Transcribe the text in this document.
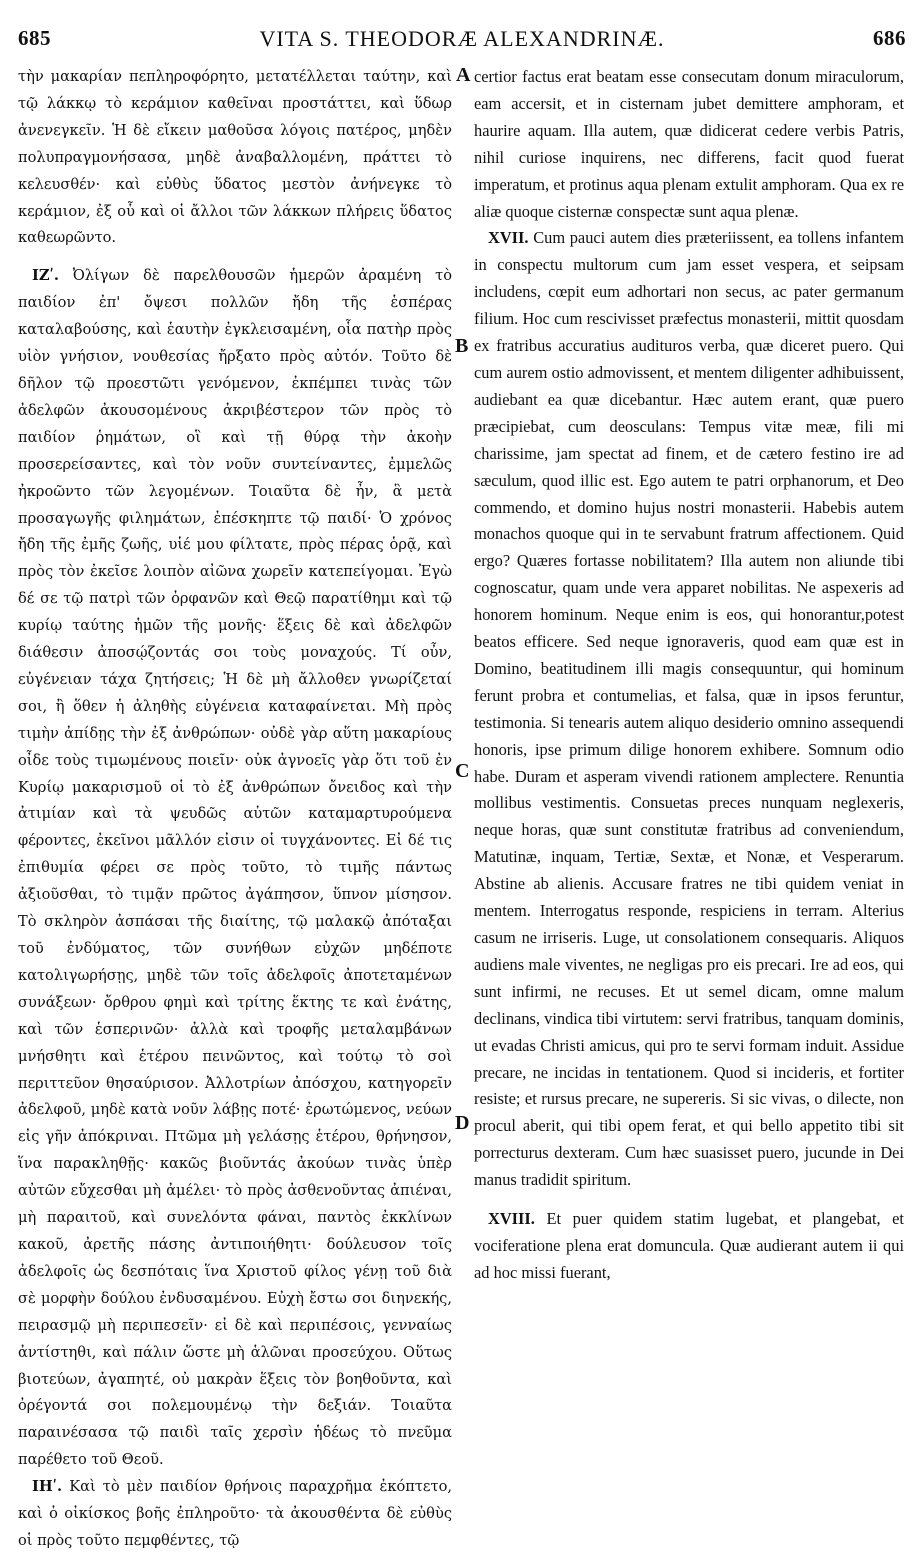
685	VITA S. THEODORÆ ALEXANDRINÆ.	686

τὴν μακαρίαν πεπληροφόρητο, μετατέλλεται ταύτην, καὶ τῷ λάκκῳ τὸ κεράμιον καθεῖναι προστάττει, καὶ ὕδωρ ἀνενεγκεῖν. Ἡ δὲ εἴκειν μαθοῦσα λόγοις πατέρος, μηδὲν πολυπραγμονήσασα, μηδὲ ἀναβαλλομένη, πράττει τὸ κελευσθέν· καὶ εὐθὺς ὕδατος μεστὸν ἀνήνεγκε τὸ κεράμιον, ἐξ οὗ καὶ οἱ ἄλλοι τῶν λάκκων πλήρεις ὕδατος καθεωρῶντο.

ΙΖʹ. Ὀλίγων δὲ παρελθουσῶν ἡμερῶν ἀραμένη τὸ παιδίον ἐπ' ὄψεσι πολλῶν ἤδη τῆς ἑσπέρας καταλαβούσης, καὶ ἑαυτὴν ἐγκλεισαμένη, οἷα πατὴρ πρὸς υἱὸν γνήσιον, νουθεσίας ἤρξατο πρὸς αὐτόν. Τοῦτο δὲ δῆλον τῷ προεστῶτι γενόμενον, ἐκπέμπει τινὰς τῶν ἀδελφῶν ἀκουσομένους ἀκριβέστερον τῶν πρὸς τὸ παιδίον ῥημάτων, οἳ καὶ τῇ θύρᾳ τὴν ἀκοὴν προσερείσαντες, καὶ τὸν νοῦν συντείναντες, ἐμμελῶς ἠκροῶντο τῶν λεγομένων. Τοιαῦτα δὲ ἦν, ἃ μετὰ προσαγωγῆς φιλημάτων, ἐπέσκηπτε τῷ παιδί· Ὁ χρόνος ἤδη τῆς ἐμῆς ζωῆς, υἱέ μου φίλτατε, πρὸς πέρας ὁρᾷ, καὶ πρὸς τὸν ἐκεῖσε λοιπὸν αἰῶνα χωρεῖν κατεπείγομαι. Ἐγὼ δέ σε τῷ πατρὶ τῶν ὀρφανῶν καὶ Θεῷ παρατίθημι καὶ τῷ κυρίῳ ταύτης ἡμῶν τῆς μονῆς· ἕξεις δὲ καὶ ἀδελφῶν διάθεσιν ἀποσῴζοντάς σοι τοὺς μοναχούς. Τί οὖν, εὐγένειαν τάχα ζητήσεις; Ἡ δὲ μὴ ἄλλοθεν γνωρίζεταί σοι, ἢ ὅθεν ἡ ἀληθὴς εὐγένεια καταφαίνεται. Μὴ πρὸς τιμὴν ἀπίδῃς τὴν ἐξ ἀνθρώπων· οὐδὲ γὰρ αὕτη μακαρίους οἶδε τοὺς τιμωμένους ποιεῖν· οὐκ ἀγνοεῖς γὰρ ὅτι τοῦ ἐν Κυρίῳ μακαρισμοῦ οἱ τὸ ἐξ ἀνθρώπων ὄνειδος καὶ τὴν ἀτιμίαν καὶ τὰ ψευδῶς αὐτῶν καταμαρτυρούμενα φέροντες, ἐκεῖνοι μᾶλλόν εἰσιν οἱ τυγχάνοντες. Εἰ δέ τις ἐπιθυμία φέρει σε πρὸς τοῦτο, τὸ τιμῆς πάντως ἀξιοῦσθαι, τὸ τιμᾷν πρῶτος ἀγάπησον, ὕπνον μίσησον. Τὸ σκληρὸν ἀσπάσαι τῆς διαίτης, τῷ μαλακῷ ἀπόταξαι τοῦ ἐνδύματος, τῶν συνήθων εὐχῶν μηδέποτε κατολιγωρήσῃς, μηδὲ τῶν τοῖς ἀδελφοῖς ἀποτεταμένων συνάξεων· ὄρθρου φημὶ καὶ τρίτης ἕκτης τε καὶ ἐνάτης, καὶ τῶν ἑσπερινῶν· ἀλλὰ καὶ τροφῆς μεταλαμβάνων μνήσθητι καὶ ἑτέρου πεινῶντος, καὶ τούτῳ τὸ σοὶ περιττεῦον θησαύρισον. Ἀλλοτρίων ἀπόσχου, κατηγορεῖν ἀδελφοῦ, μηδὲ κατὰ νοῦν λάβῃς ποτέ· ἐρωτώμενος, νεύων εἰς γῆν ἀπόκριναι. Πτῶμα μὴ γελάσῃς ἑτέρου, θρήνησον, ἵνα παρακληθῇς· κακῶς βιοῦντάς ἀκούων τινὰς ὑπὲρ αὐτῶν εὔχεσθαι μὴ ἀμέλει· τὸ πρὸς ἀσθενοῦντας ἀπιέναι, μὴ παραιτοῦ, καὶ συνελόντα φάναι, παντὸς ἐκκλίνων κακοῦ, ἀρετῆς πάσης ἀντιποιήθητι· δούλευσον τοῖς ἀδελφοῖς ὡς δεσπόταις ἵνα Χριστοῦ φίλος γένῃ τοῦ διὰ σὲ μορφὴν δούλου ἐνδυσαμένου. Εὐχὴ ἔστω σοι διηνεκής, πειρασμῷ μὴ περιπεσεῖν· εἰ δὲ καὶ περιπέσοις, γενναίως ἀντίστηθι, καὶ πάλιν ὥστε μὴ ἁλῶναι προσεύχου. Οὕτως βιοτεύων, ἀγαπητέ, οὐ μακρὰν ἕξεις τὸν βοηθοῦντα, καὶ ὀρέγοντά σοι πολεμουμένῳ τὴν δεξιάν. Τοιαῦτα παραινέσασα τῷ παιδὶ ταῖς χερσὶν ἡδέως τὸ πνεῦμα παρέθετο τοῦ Θεοῦ.

ΙΗʹ. Καὶ τὸ μὲν παιδίον θρήνοις παραχρῆμα ἐκόπτετο, καὶ ὁ οἰκίσκος βοῆς ἐπληροῦτο· τὰ ἀκουσθέντα δὲ εὐθὺς οἱ πρὸς τοῦτο πεμφθέντες, τῷ

certior factus erat beatam esse consecutam donum miraculorum, eam accersit, et in cisternam jubet demittere amphoram, et haurire aquam. Illa autem, quæ didicerat cedere verbis Patris, nihil curiose inquirens, nec differens, facit quod fuerat imperatum, et protinus aqua plenam extulit amphoram. Qua ex re aliæ quoque cisternæ conspectæ sunt aqua plenæ.

XVII. Cum pauci autem dies præteriissent, ea tollens infantem in conspectu multorum cum jam esset vespera, et seipsam includens, cœpit eum adhortari non secus, ac pater germanum filium. Hoc cum rescivisset præfectus monasterii, mittit quosdam ex fratribus accuratius audituros verba, quæ diceret puero. Qui cum aurem ostio admovissent, et mentem diligenter adhibuissent, audiebant ea quæ dicebantur. Hæc autem erant, quæ puero præcipiebat, cum deosculans: Tempus vitæ meæ, fili mi charissime, jam spectat ad finem, et de cætero festino ire ad sæculum, quod illic est. Ego autem te patri orphanorum, et Deo commendo, et domino hujus nostri monasterii. Habebis autem monachos quoque qui in te servabunt fratrum affectionem. Quid ergo? Quæres fortasse nobilitatem? Illa autem non aliunde tibi cognoscatur, quam unde vera apparet nobilitas. Ne aspexeris ad honorem hominum. Neque enim is eos, qui honorantur,potest beatos efficere. Sed neque ignoraveris, quod eam quæ est in Domino, beatitudinem illi magis consequuntur, qui hominum ferunt probra et contumelias, et falsa, quæ in ipsos feruntur, testimonia. Si tenearis autem aliquo desiderio omnino assequendi honoris, ipse primum dilige honorem exhibere. Somnum odio habe. Duram et asperam vivendi rationem amplectere. Renuntia mollibus vestimentis. Consuetas preces nunquam neglexeris, neque horas, quæ sunt constitutæ fratribus ad conveniendum, Matutinæ, inquam, Tertiæ, Sextæ, et Nonæ, et Vesperarum. Abstine ab alienis. Accusare fratres ne tibi quidem veniat in mentem. Interrogatus responde, respiciens in terram. Alterius casum ne irriseris. Luge, ut consolationem consequaris. Aliquos audiens male viventes, ne negligas pro eis precari. Ire ad eos, qui sunt infirmi, ne recuses. Et ut semel dicam, omne malum declinans, vindica tibi virtutem: servi fratribus, tanquam dominis, ut evadas Christi amicus, qui pro te servi formam induit. Assidue precare, ne incidas in tentationem. Quod si incideris, et fortiter resiste; et rursus precare, ne supereris. Si sic vivas, o dilecte, non procul aberit, qui tibi opem ferat, et qui bello appetito tibi sit porrecturus dexteram. Cum hæc suasisset puero, jucunde in Dei manus tradidit spiritum.

XVIII. Et puer quidem statim lugebat, et plangebat, et vociferatione plena erat domuncula. Quæ audierant autem ii qui ad hoc missi fuerant,

A
B
C
D
